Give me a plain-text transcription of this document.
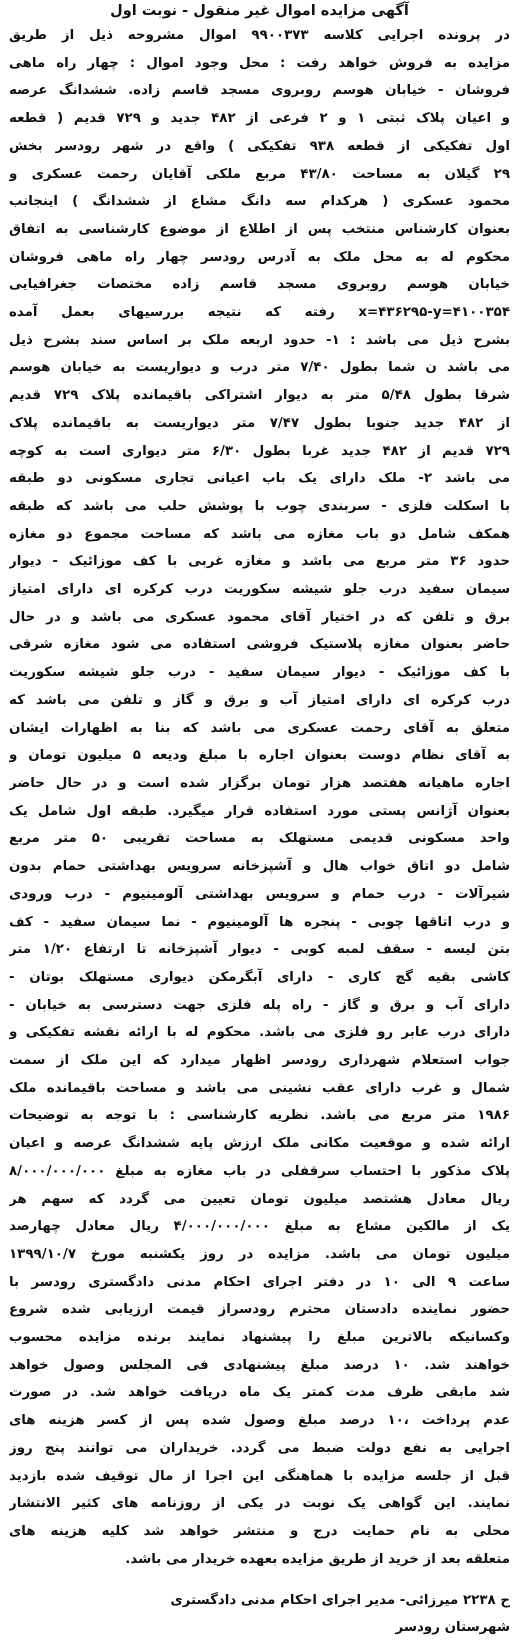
آگهی مزایده اموال غیر منقول - نوبت اول
در پرونده اجرایی کلاسه ۹۹۰۰۳۷۳ اموال مشروحه ذیل از طریق
مزایده به فروش خواهد رفت : محل وجود اموال : چهار راه ماهی
فروشان - خیابان هوسم روبروی مسجد قاسم زاده. ششدانگ عرصه
و اعیان پلاک ثبتی ۱ و ۲ فرعی از ۴۸۲ جدید و ۷۲۹ قدیم ( قطعه
اول تفکیکی از قطعه ۹۳۸ تفکیکی ) واقع در شهر رودسر بخش
۲۹ گیلان به مساحت ۴۳/۸۰ مربع ملکی آقایان رحمت عسکری و
محمود عسکری ( هرکدام سه دانگ مشاع از ششدانگ ) اینجانب
بعنوان کارشناس منتخب پس از اطلاع از موضوع کارشناسی به اتفاق
محکوم له به محل ملک به آدرس رودسر چهار راه ماهی فروشان
خیابان هوسم روبروی مسجد قاسم زاده مختصات جغرافیایی
x=۴۳۶۲۹۵-y=۴۱۰۰۳۵۴ رفته که نتیجه بررسیهای بعمل آمده
بشرح ذیل می باشد : ۱- حدود اربعه ملک بر اساس سند بشرح ذیل
می باشد ن شما بطول ۷/۴۰ متر درب و دیواریست به خیابان هوسم
شرقا بطول ۵/۴۸ متر به دیوار اشتراکی باقیمانده پلاک ۷۲۹ قدیم
از ۴۸۲ جدید جنوبا بطول ۷/۴۷ متر دیواریست به باقیمانده پلاک
۷۲۹ قدیم از ۴۸۲ جدید غربا بطول ۶/۳۰ متر دیواری است به کوچه
می باشد ۲- ملک دارای یک باب اعیانی تجاری مسکونی دو طبقه
با اسکلت فلزی - سربندی چوب با پوشش حلب می باشد که طبقه
همکف شامل دو باب مغازه می باشد که مساحت مجموع دو مغازه
حدود ۳۶ متر مربع می باشد و مغازه غربی با کف موزائیک - دیوار
سیمان سفید درب جلو شیشه سکوریت درب کرکره ای دارای امتیاز
برق و تلفن که در اختیار آقای محمود عسکری می باشد و در حال
حاضر بعنوان مغازه پلاستیک فروشی استفاده می شود مغازه شرقی
با کف موزائیک - دیوار سیمان سفید - درب جلو شیشه سکوریت
درب کرکره ای دارای امتیاز آب و برق و گاز و تلفن می باشد که
متعلق به آقای رحمت عسکری می باشد که بنا به اظهارات ایشان
به آقای نظام دوست بعنوان اجاره با مبلغ ودیعه ۵ میلیون تومان و
اجاره ماهیانه هفتصد هزار تومان برگزار شده است و در حال حاضر
بعنوان آژانس پستی مورد استفاده قرار میگیرد. طبقه اول شامل یک
واحد مسکونی قدیمی مستهلک به مساحت تقریبی ۵۰ متر مربع
شامل دو اتاق خواب هال و آشپزخانه سرویس بهداشتی حمام بدون
شیرآلات - درب حمام و سرویس بهداشتی آلومینیوم - درب ورودی
و درب اتاقها چوبی - پنجره ها آلومینیوم - نما سیمان سفید - کف
بتن لیسه - سقف لمبه کوبی - دیوار آشپزخانه تا ارتفاع ۱/۲۰ متر
کاشی بقیه گچ کاری - دارای آبگرمکن دیواری مستهلک بوتان -
دارای آب و برق و گاز - راه پله فلزی جهت دسترسی به خیابان -
دارای درب عابر رو فلزی می باشد. محکوم له با ارائه نقشه تفکیکی و
جواب استعلام شهرداری رودسر اظهار میدارد که این ملک از سمت
شمال و غرب دارای عقب نشینی می باشد و مساحت باقیمانده ملک
۱۹۸۶ متر مربع می باشد. نظریه کارشناسی : با توجه به توضیحات
ارائه شده و موقعیت مکانی ملک ارزش پایه ششدانگ عرصه و اعیان
پلاک مذکور با احتساب سرقفلی در باب مغازه به مبلغ ۸/۰۰۰/۰۰۰/۰۰۰
ریال معادل هشتصد میلیون تومان تعیین می گردد که سهم هر
یک از مالکین مشاع به مبلغ ۴/۰۰۰/۰۰۰/۰۰۰ ریال معادل چهارصد
میلیون تومان می باشد. مزایده در روز یکشنبه مورخ ۱۳۹۹/۱۰/۷
ساعت ۹ الی ۱۰ در دفتر اجرای احکام مدنی دادگستری رودسر با
حضور نماینده دادستان محترم رودسراز قیمت ارزیابی شده شروع
وکسانیکه بالاترین مبلغ را پیشنهاد نمایند برنده مزایده محسوب
خواهند شد. ۱۰ درصد مبلغ پیشنهادی فی المجلس وصول خواهد
شد مابقی ظرف مدت کمتر یک ماه دریافت خواهد شد. در صورت
عدم پرداخت ،۱۰ درصد مبلغ وصول شده پس از کسر هزینه های
اجرایی به نفع دولت ضبط می گردد. خریداران می توانند پنج روز
قبل از جلسه مزایده با هماهنگی این اجرا از مال توقیف شده بازدید
نمایند. این گواهی یک نوبت در یکی از روزنامه های کثیر الانتشار
محلی به نام حمایت درج و منتشر خواهد شد کلیه هزینه های
متعلقه بعد از خرید از طریق مزایده بعهده خریدار می باشد.
ح ۲۲۳۸ میرزائی- مدیر اجرای احکام مدنی دادگستری
شهرستان رودسر
